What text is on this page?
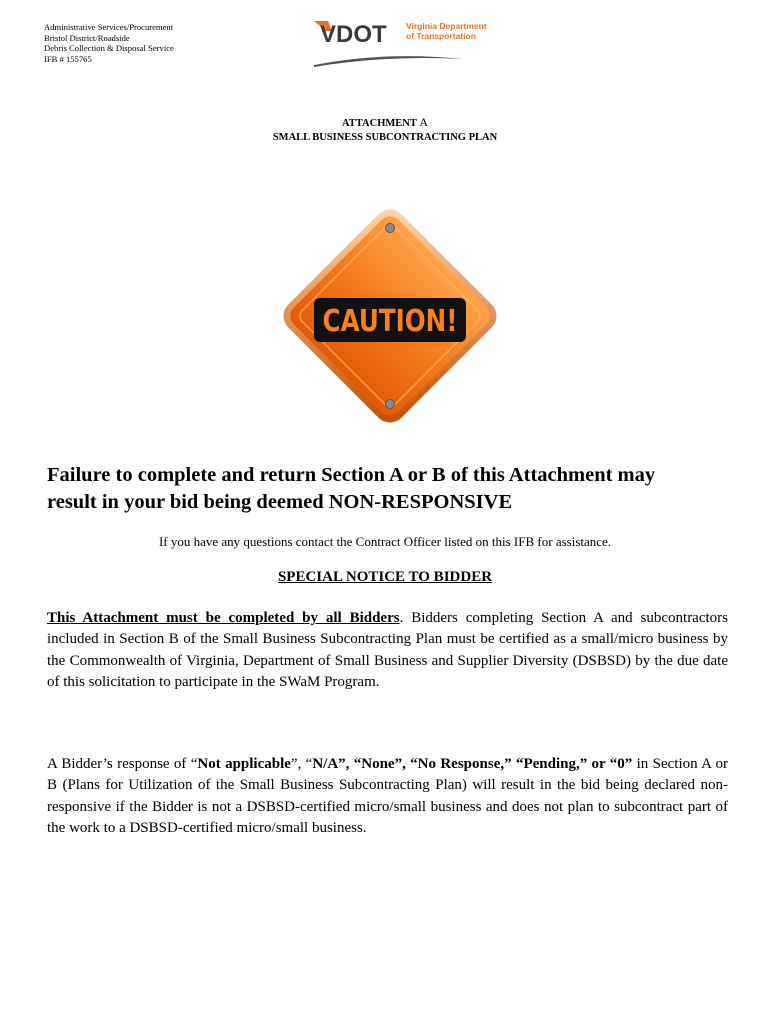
Administrative Services/Procurement
Bristol District/Roadside
Debris Collection & Disposal Service
IFB # 155765
VDOT Virginia Department
of Transportation
ATTACHMENT A
SMALL BUSINESS SUBCONTRACTING PLAN
CAUTION!
Failure to complete and return Section A or B of this Attachment may
result in your bid being deemed NON-RESPONSIVE
If you have any questions contact the Contract Officer listed on this IFB for assistance.
SPECIAL NOTICE TO BIDDER
This Attachment must be completed by all Bidders. Bidders completing Section A and subcontractors included in Section B of the Small Business Subcontracting Plan must be certified as a small/micro business by the Commonwealth of Virginia, Department of Small Business and Supplier Diversity (DSBSD) by the due date of this solicitation to participate in the SWaM Program.
A Bidder’s response of “Not applicable”, “N/A”, “None”, “No Response,” “Pending,” or “0” in Section A or B (Plans for Utilization of the Small Business Subcontracting Plan) will result in the bid being declared non-responsive if the Bidder is not a DSBSD-certified micro/small business and does not plan to subcontract part of the work to a DSBSD-certified micro/small business.
